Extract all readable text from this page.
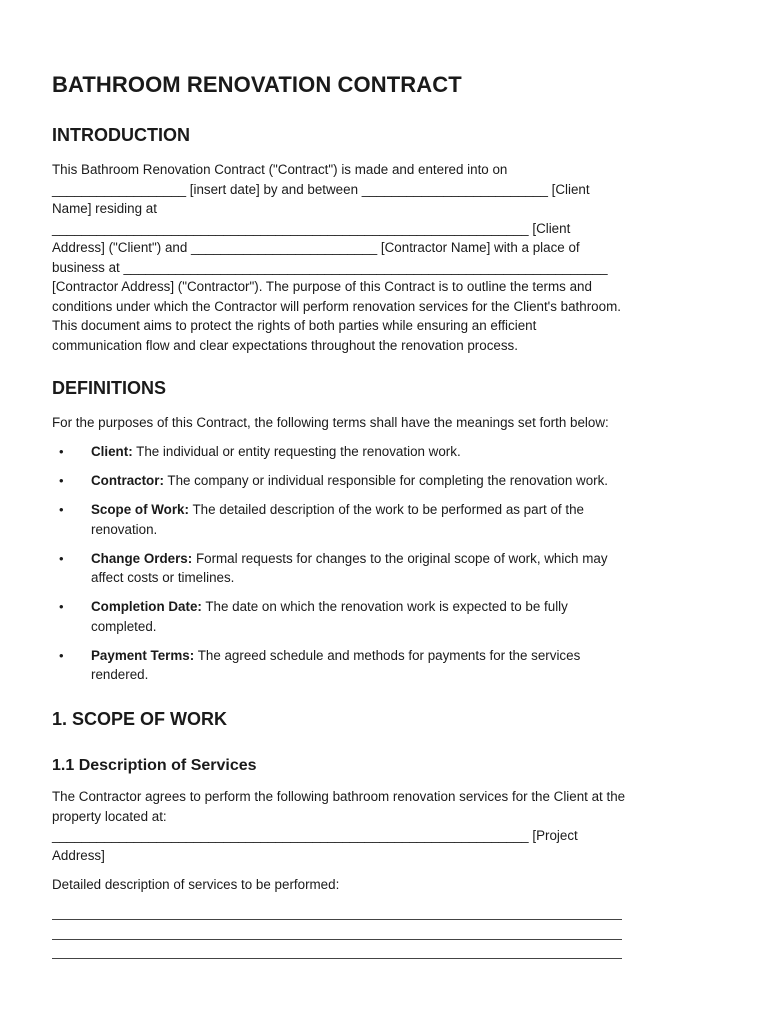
BATHROOM RENOVATION CONTRACT
INTRODUCTION
This Bathroom Renovation Contract ("Contract") is made and entered into on
__________________ [insert date] by and between _________________________ [Client
Name] residing at
________________________________________________________________ [Client
Address] ("Client") and _________________________ [Contractor Name] with a place of
business at _________________________________________________________________
[Contractor Address] ("Contractor"). The purpose of this Contract is to outline the terms and
conditions under which the Contractor will perform renovation services for the Client's bathroom.
This document aims to protect the rights of both parties while ensuring an efficient
communication flow and clear expectations throughout the renovation process.
DEFINITIONS

For the purposes of this Contract, the following terms shall have the meanings set forth below:

• Client: The individual or entity requesting the renovation work.
• Contractor: The company or individual responsible for completing the renovation work.
• Scope of Work: The detailed description of the work to be performed as part of the
renovation.
• Change Orders: Formal requests for changes to the original scope of work, which may
affect costs or timelines.
• Completion Date: The date on which the renovation work is expected to be fully
completed.
• Payment Terms: The agreed schedule and methods for payments for the services
rendered.
1. SCOPE OF WORK
1.1 Description of Services
The Contractor agrees to perform the following bathroom renovation services for the Client at the
property located at:
________________________________________________________________ [Project
Address]

Detailed description of services to be performed:
